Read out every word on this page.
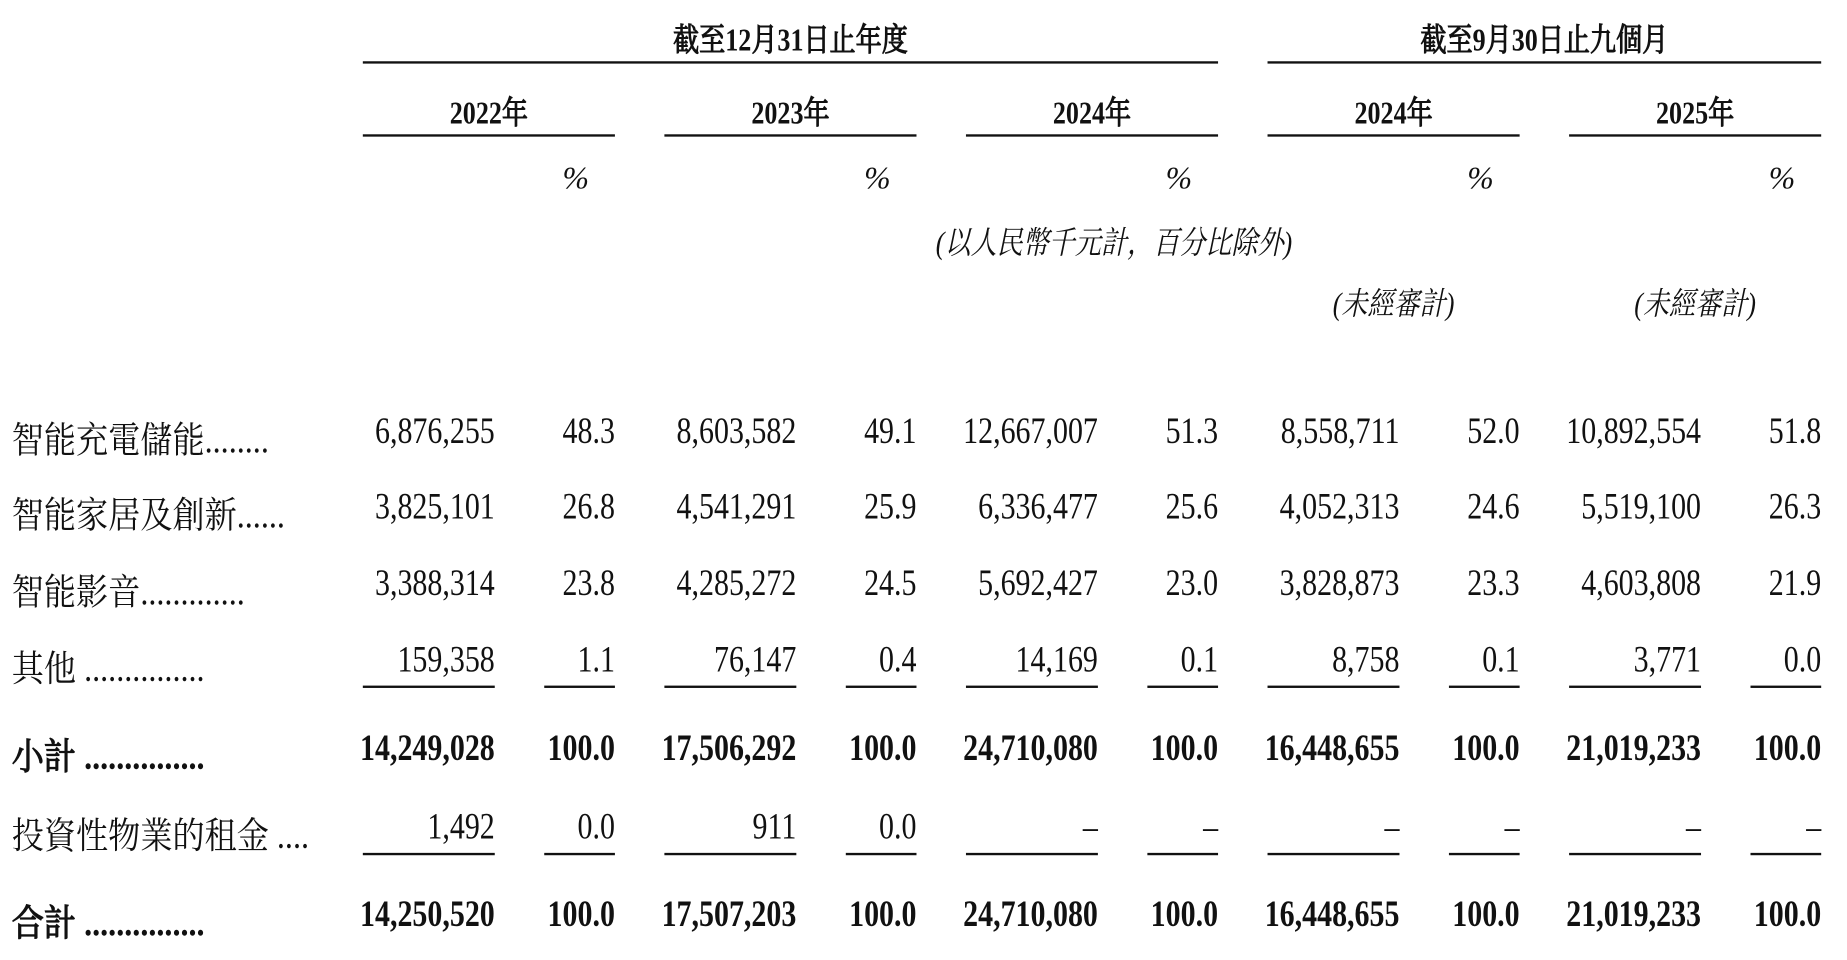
截至12月31日止年度	截至9月30日止九個月
2022年	2023年	2024年	2024年	2025年
%	%	%	%	%
(以人民幣千元計，百分比除外)
(未經審計)	(未經審計)
智能充電儲能........	6,876,255	48.3	8,603,582	49.1	12,667,007	51.3	8,558,711	52.0	10,892,554	51.8
智能家居及創新......	3,825,101	26.8	4,541,291	25.9	6,336,477	25.6	4,052,313	24.6	5,519,100	26.3
智能影音.............	3,388,314	23.8	4,285,272	24.5	5,692,427	23.0	3,828,873	23.3	4,603,808	21.9
其他 ...............	159,358	1.1	76,147	0.4	14,169	0.1	8,758	0.1	3,771	0.0
小計 ...............	14,249,028 100.0	17,506,292 100.0	24,710,080 100.0	16,448,655 100.0	21,019,233 100.0
投資性物業的租金 ....	1,492	0.0	911	0.0	–	–	–	–	–	–
合計 ...............	14,250,520 100.0	17,507,203 100.0	24,710,080 100.0	16,448,655 100.0	21,019,233 100.0
